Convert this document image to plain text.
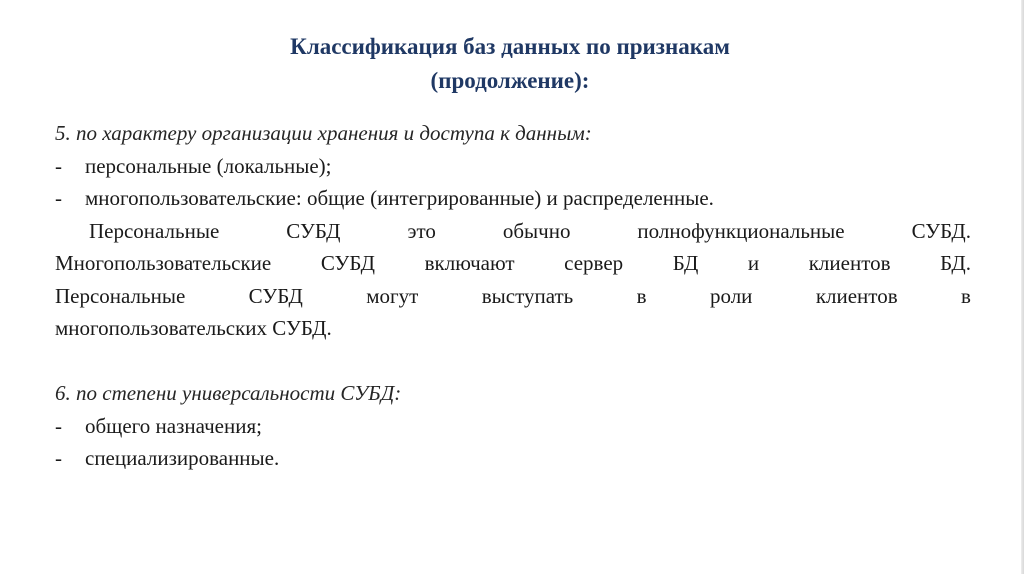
Классификация баз данных по признакам
(продолжение):
5. по характеру организации хранения и доступа к данным:
-	персональные (локальные);
-	многопользовательские: общие (интегрированные) и распределенные.
Персональные	СУБД	это	обычно	полнофункциональные	СУБД.
Многопользовательские СУБД включают сервер БД и клиентов БД.
Персональные	СУБД	могут	выступать	в	роли	клиентов	в
многопользовательских СУБД.
6. по степени универсальности СУБД:
-	общего назначения;
-	специализированные.
